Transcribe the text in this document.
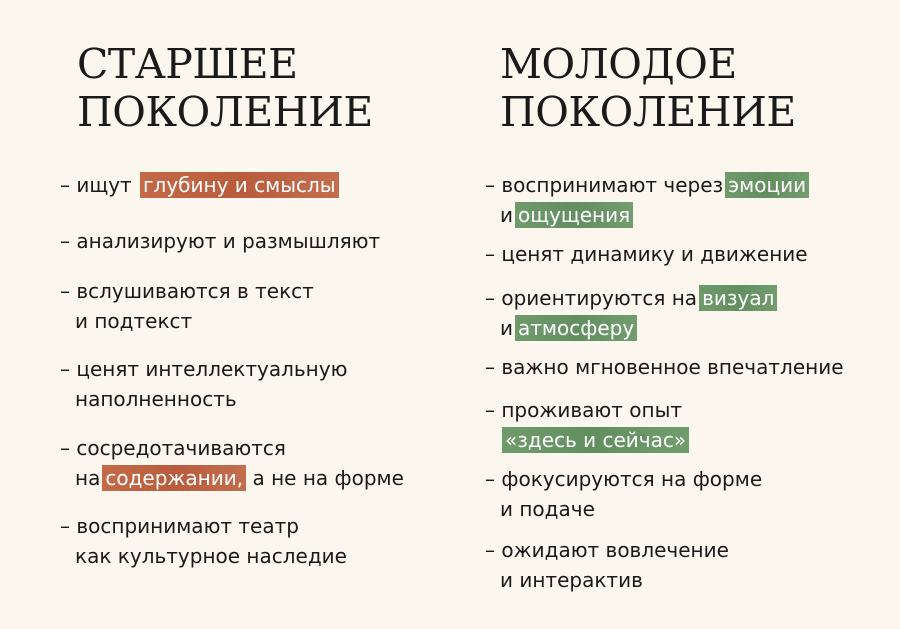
СТАРШЕЕ
ПОКОЛЕНИЕ
– ищут глубину и смыслы
– анализируют и размышляют
– вслушиваются в текст
и подтекст
– ценят интеллектуальную
наполненность
– сосредотачиваются
на содержании, а не на форме
– воспринимают театр
как культурное наследие
МОЛОДОЕ
ПОКОЛЕНИЕ
– воспринимают через эмоции
и ощущения
– ценят динамику и движение
– ориентируются на визуал
и атмосферу
– важно мгновенное впечатление
– проживают опыт
«здесь и сейчас»
– фокусируются на форме
и подаче
– ожидают вовлечение
и интерактив
